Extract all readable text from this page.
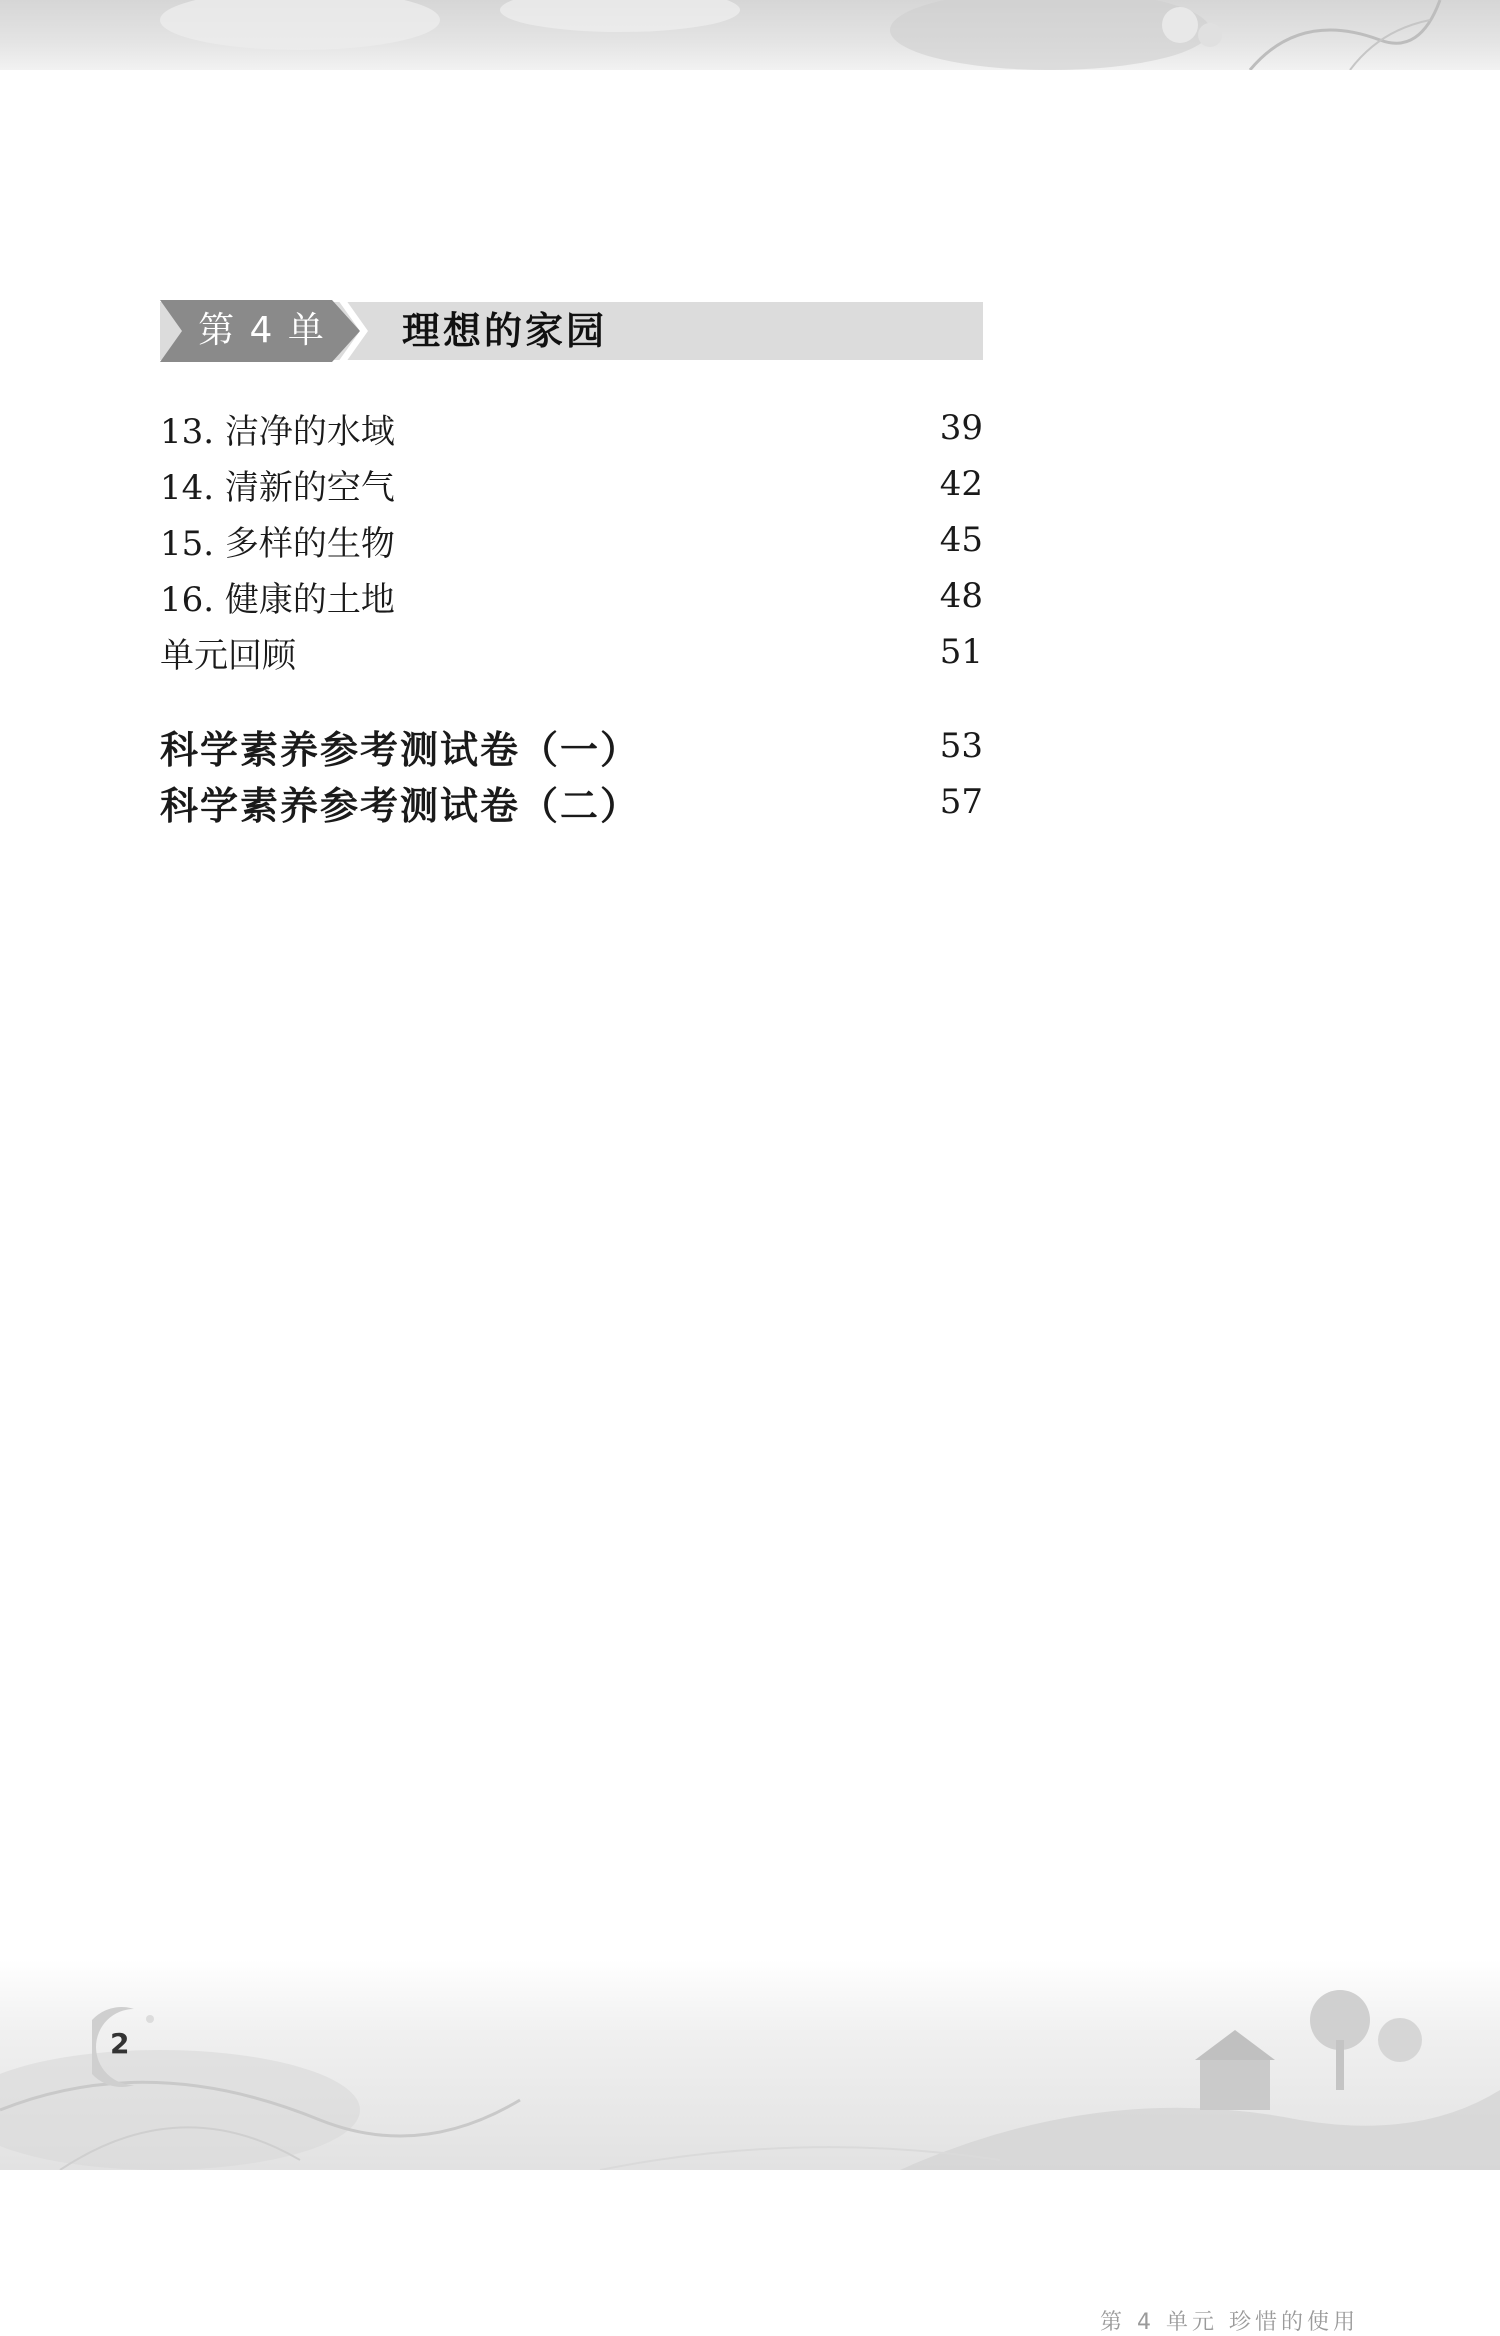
第 4 单元
理想的家园
13. 洁净的水域	39
14. 清新的空气	42
15. 多样的生物	45
16. 健康的土地	48
单元回顾	51
科学素养参考测试卷（一）	53
科学素养参考测试卷（二）	57
2
第 4 单元 珍惜的使用
